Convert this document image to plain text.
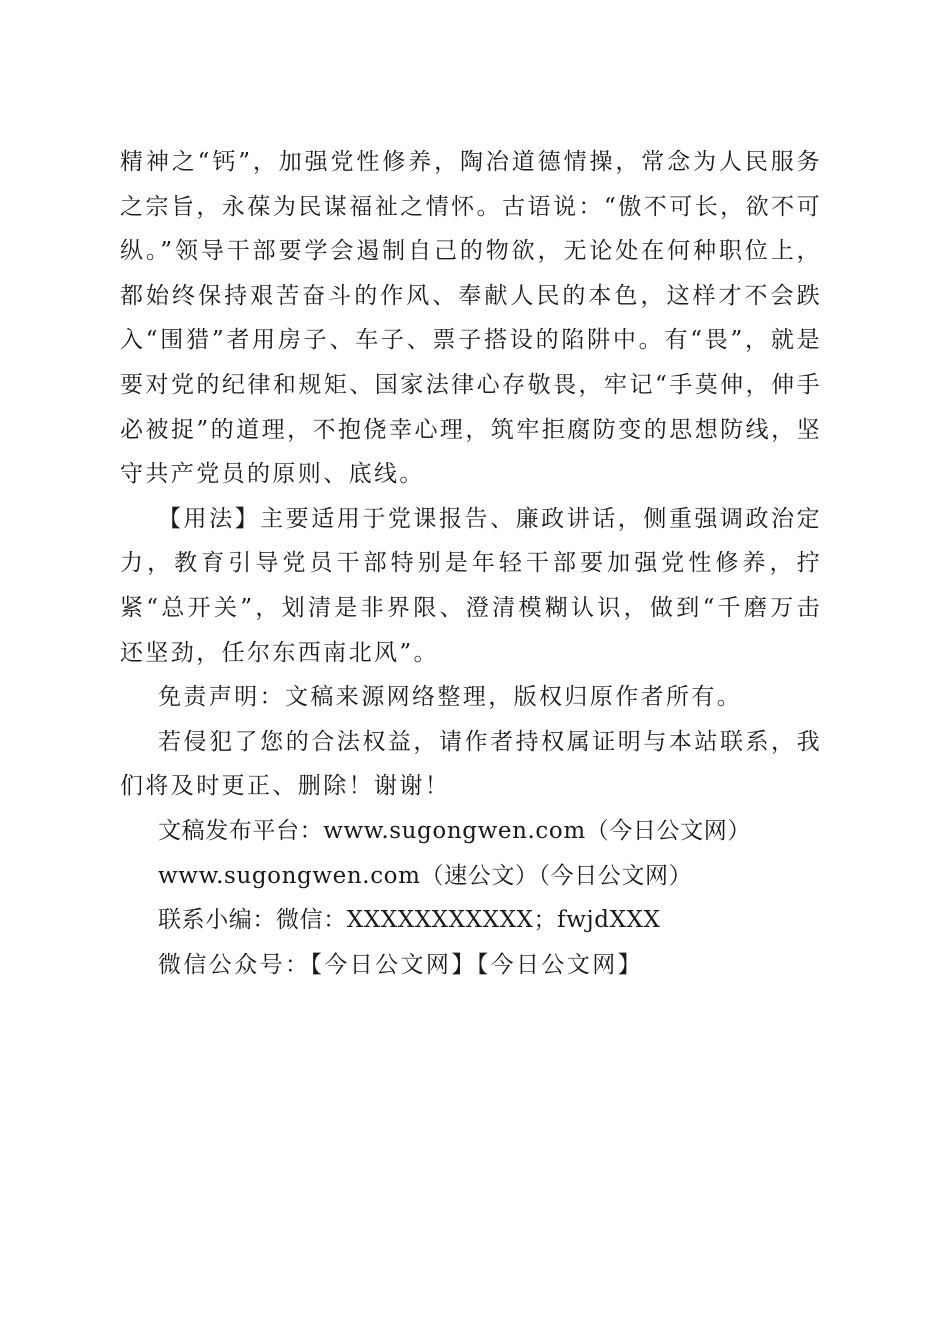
精神之“钙”，加强党性修养，陶冶道德情操，常念为人民服务之宗旨，永葆为民谋福祉之情怀。古语说：“傲不可长，欲不可纵。”领导干部要学会遏制自己的物欲，无论处在何种职位上，都始终保持艰苦奋斗的作风、奉献人民的本色，这样才不会跌入“围猎”者用房子、车子、票子搭设的陷阱中。有“畏”，就是要对党的纪律和规矩、国家法律心存敬畏，牢记“手莫伸，伸手必被捉”的道理，不抱侥幸心理，筑牢拒腐防变的思想防线，坚守共产党员的原则、底线。

【用法】主要适用于党课报告、廉政讲话，侧重强调政治定力，教育引导党员干部特别是年轻干部要加强党性修养，拧紧“总开关”，划清是非界限、澄清模糊认识，做到“千磨万击还坚劲，任尔东西南北风”。

免责声明：文稿来源网络整理，版权归原作者所有。

若侵犯了您的合法权益，请作者持权属证明与本站联系，我们将及时更正、删除！谢谢！

文稿发布平台：www.sugongwen.com（今日公文网）

www.sugongwen.com（速公文）（今日公文网）

联系小编：微信：XXXXXXXXXXX；fwjdXXX

微信公众号：【今日公文网】【今日公文网】
